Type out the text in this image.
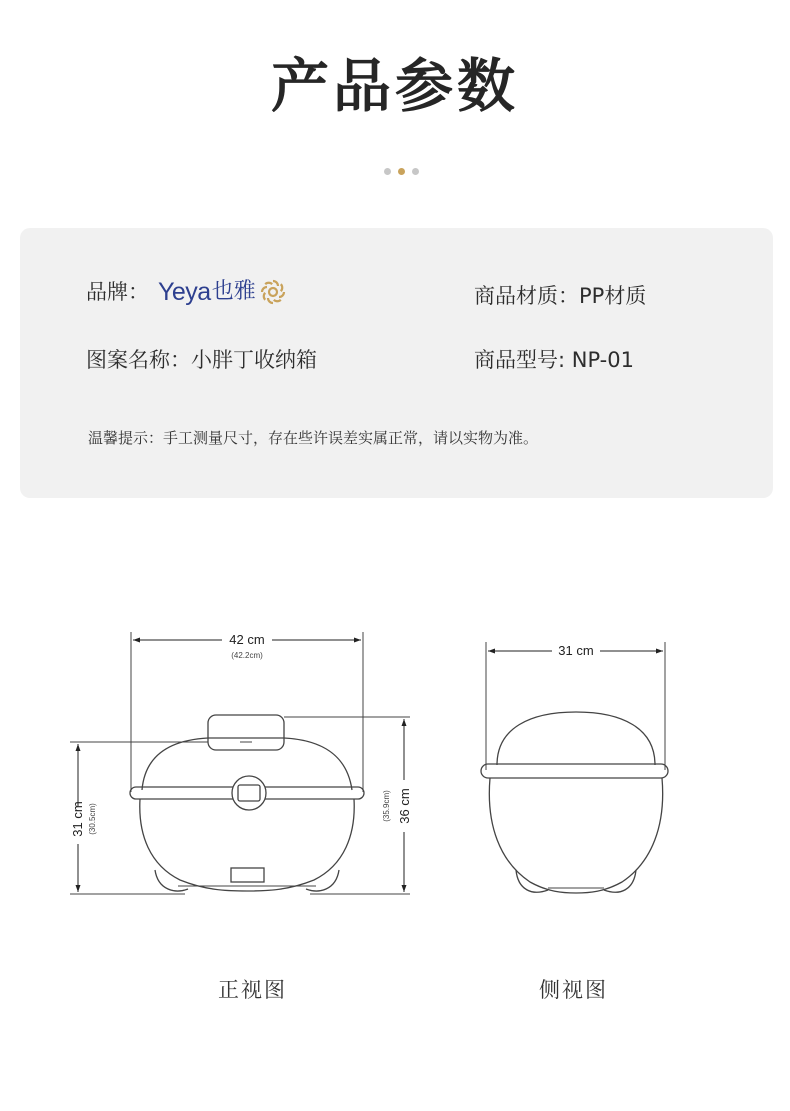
产品参数
品牌： Yeya 也雅	商品材质：PP材质
图案名称：小胖丁收纳箱	商品型号: NP-01
温馨提示：手工测量尺寸，存在些许误差实属正常，请以实物为准。
42 cm
(42.2cm)
31 cm (30.5cm)	(35.9cm) 36 cm
31 cm
正视图	侧视图
